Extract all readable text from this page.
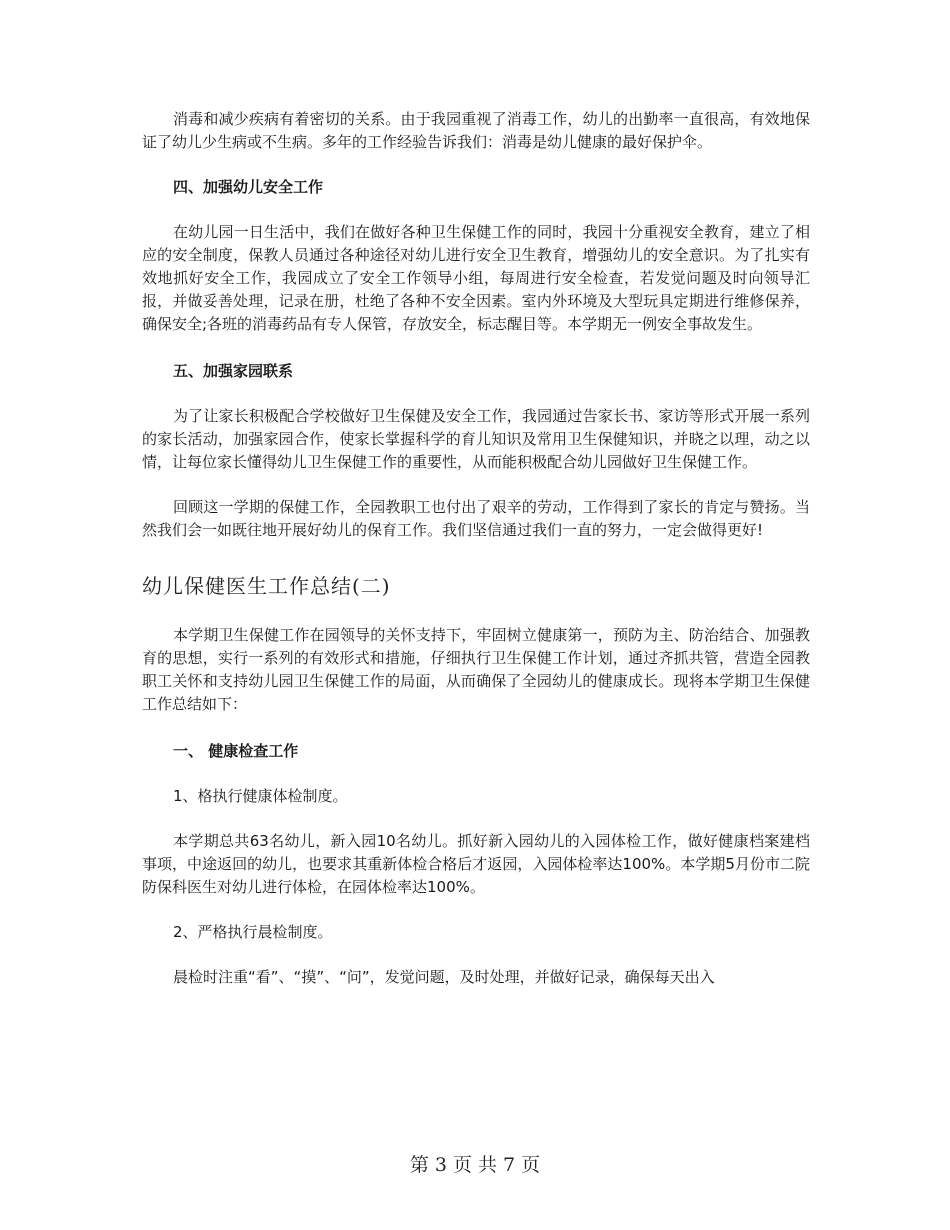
消毒和减少疾病有着密切的关系。由于我园重视了消毒工作，幼儿的出勤率一直很高，有效地保证了幼儿少生病或不生病。多年的工作经验告诉我们：消毒是幼儿健康的最好保护伞。

四、加强幼儿安全工作

在幼儿园一日生活中，我们在做好各种卫生保健工作的同时，我园十分重视安全教育，建立了相应的安全制度，保教人员通过各种途径对幼儿进行安全卫生教育，增强幼儿的安全意识。为了扎实有效地抓好安全工作，我园成立了安全工作领导小组，每周进行安全检查，若发觉问题及时向领导汇报，并做妥善处理，记录在册，杜绝了各种不安全因素。室内外环境及大型玩具定期进行维修保养，确保安全;各班的消毒药品有专人保管，存放安全，标志醒目等。本学期无一例安全事故发生。

五、加强家园联系

为了让家长积极配合学校做好卫生保健及安全工作，我园通过告家长书、家访等形式开展一系列的家长活动，加强家园合作，使家长掌握科学的育儿知识及常用卫生保健知识，并晓之以理，动之以情，让每位家长懂得幼儿卫生保健工作的重要性，从而能积极配合幼儿园做好卫生保健工作。

回顾这一学期的保健工作，全园教职工也付出了艰辛的劳动，工作得到了家长的肯定与赞扬。当然我们会一如既往地开展好幼儿的保育工作。我们坚信通过我们一直的努力，一定会做得更好!

幼儿保健医生工作总结(二)

本学期卫生保健工作在园领导的关怀支持下，牢固树立健康第一，预防为主、防治结合、加强教育的思想，实行一系列的有效形式和措施，仔细执行卫生保健工作计划，通过齐抓共管，营造全园教职工关怀和支持幼儿园卫生保健工作的局面，从而确保了全园幼儿的健康成长。现将本学期卫生保健工作总结如下：

一、 健康检查工作

1、格执行健康体检制度。

本学期总共63名幼儿，新入园10名幼儿。抓好新入园幼儿的入园体检工作，做好健康档案建档事项，中途返回的幼儿，也要求其重新体检合格后才返园，入园体检率达100%。本学期5月份市二院防保科医生对幼儿进行体检，在园体检率达100%。

2、严格执行晨检制度。

晨检时注重“看”、“摸”、“问”，发觉问题，及时处理，并做好记录，确保每天出入

第 3 页 共 7 页
